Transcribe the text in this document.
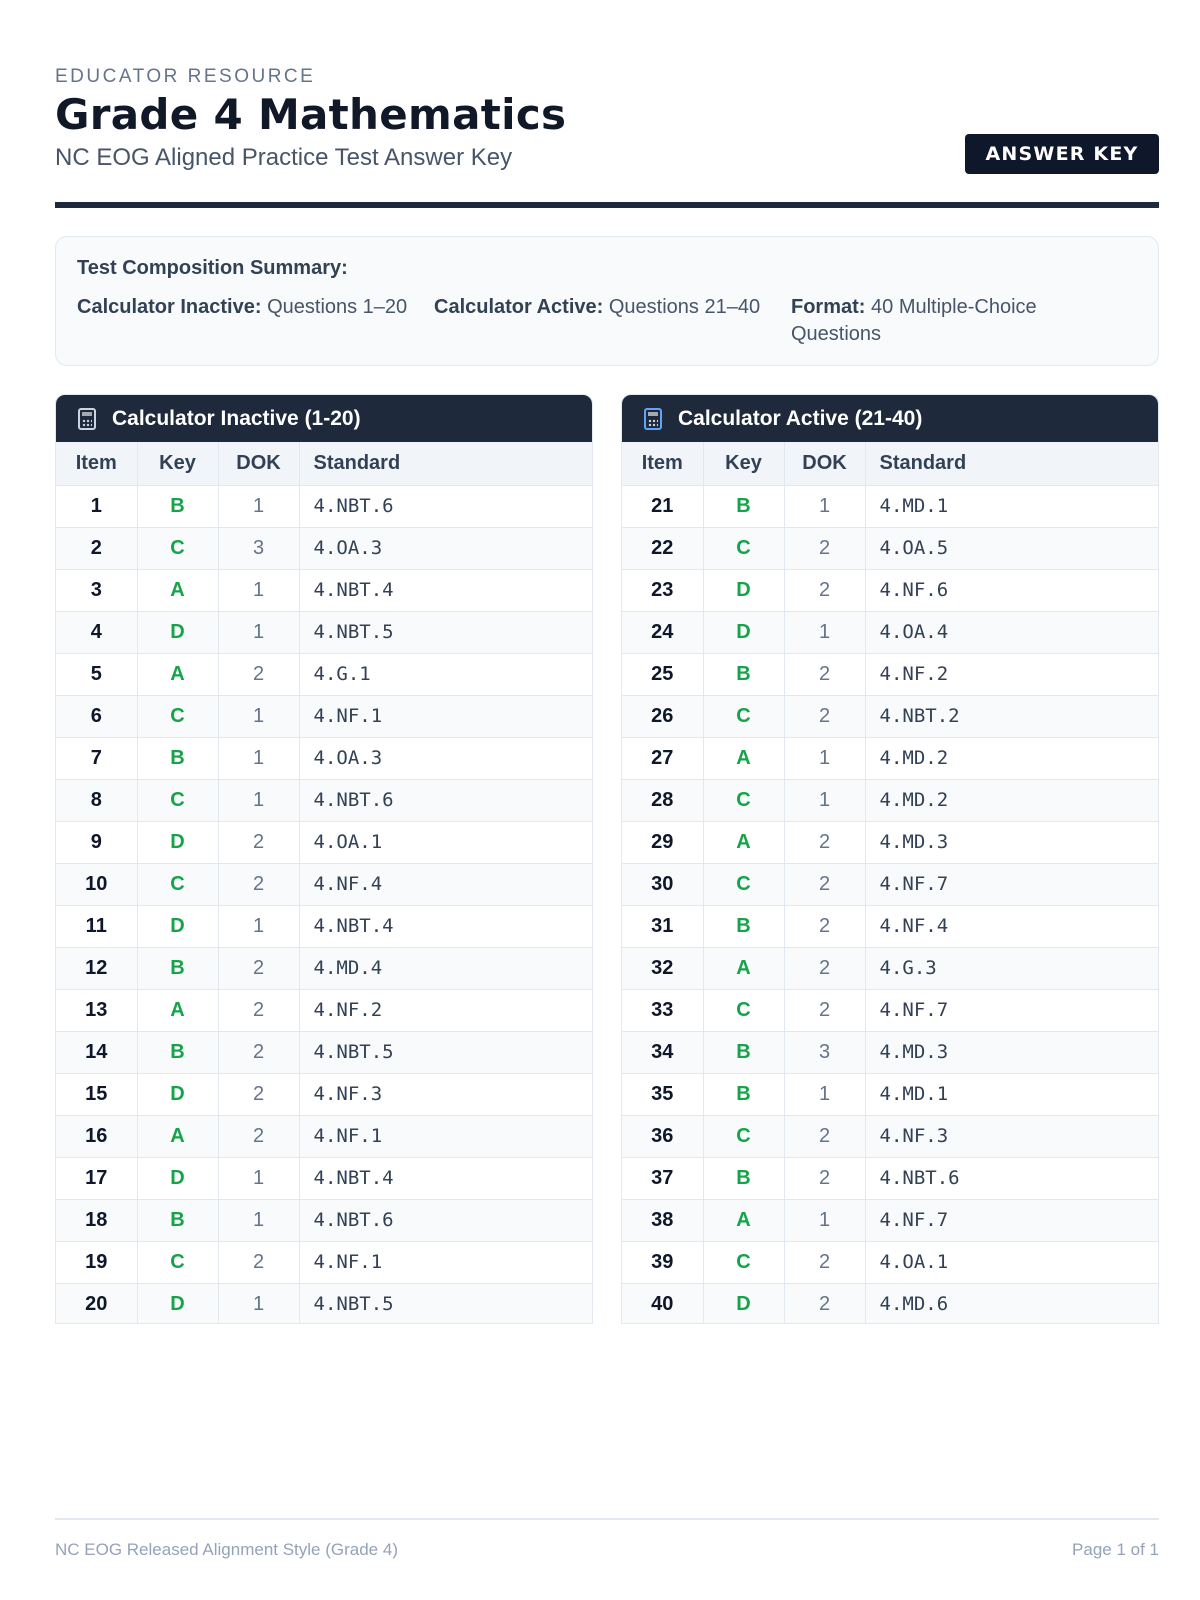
EDUCATOR RESOURCE
Grade 4 Mathematics
NC EOG Aligned Practice Test Answer Key	ANSWER KEY
Test Composition Summary:
Calculator Inactive: Questions 1–20 Calculator Active: Questions 21–40 Format: 40 Multiple-Choice Questions
Calculator Inactive (1-20)
Item	Key	DOK	Standard
1	B	1	4.NBT.6
2	C	3	4.OA.3
3	A	1	4.NBT.4
4	D	1	4.NBT.5
5	A	2	4.G.1
6	C	1	4.NF.1
7	B	1	4.OA.3
8	C	1	4.NBT.6
9	D	2	4.OA.1
10	C	2	4.NF.4
11	D	1	4.NBT.4
12	B	2	4.MD.4
13	A	2	4.NF.2
14	B	2	4.NBT.5
15	D	2	4.NF.3
16	A	2	4.NF.1
17	D	1	4.NBT.4
18	B	1	4.NBT.6
19	C	2	4.NF.1
20	D	1	4.NBT.5
Calculator Active (21-40)
Item	Key	DOK	Standard
21	B	1	4.MD.1
22	C	2	4.OA.5
23	D	2	4.NF.6
24	D	1	4.OA.4
25	B	2	4.NF.2
26	C	2	4.NBT.2
27	A	1	4.MD.2
28	C	1	4.MD.2
29	A	2	4.MD.3
30	C	2	4.NF.7
31	B	2	4.NF.4
32	A	2	4.G.3
33	C	2	4.NF.7
34	B	3	4.MD.3
35	B	1	4.MD.1
36	C	2	4.NF.3
37	B	2	4.NBT.6
38	A	1	4.NF.7
39	C	2	4.OA.1
40	D	2	4.MD.6
NC EOG Released Alignment Style (Grade 4)	Page 1 of 1
